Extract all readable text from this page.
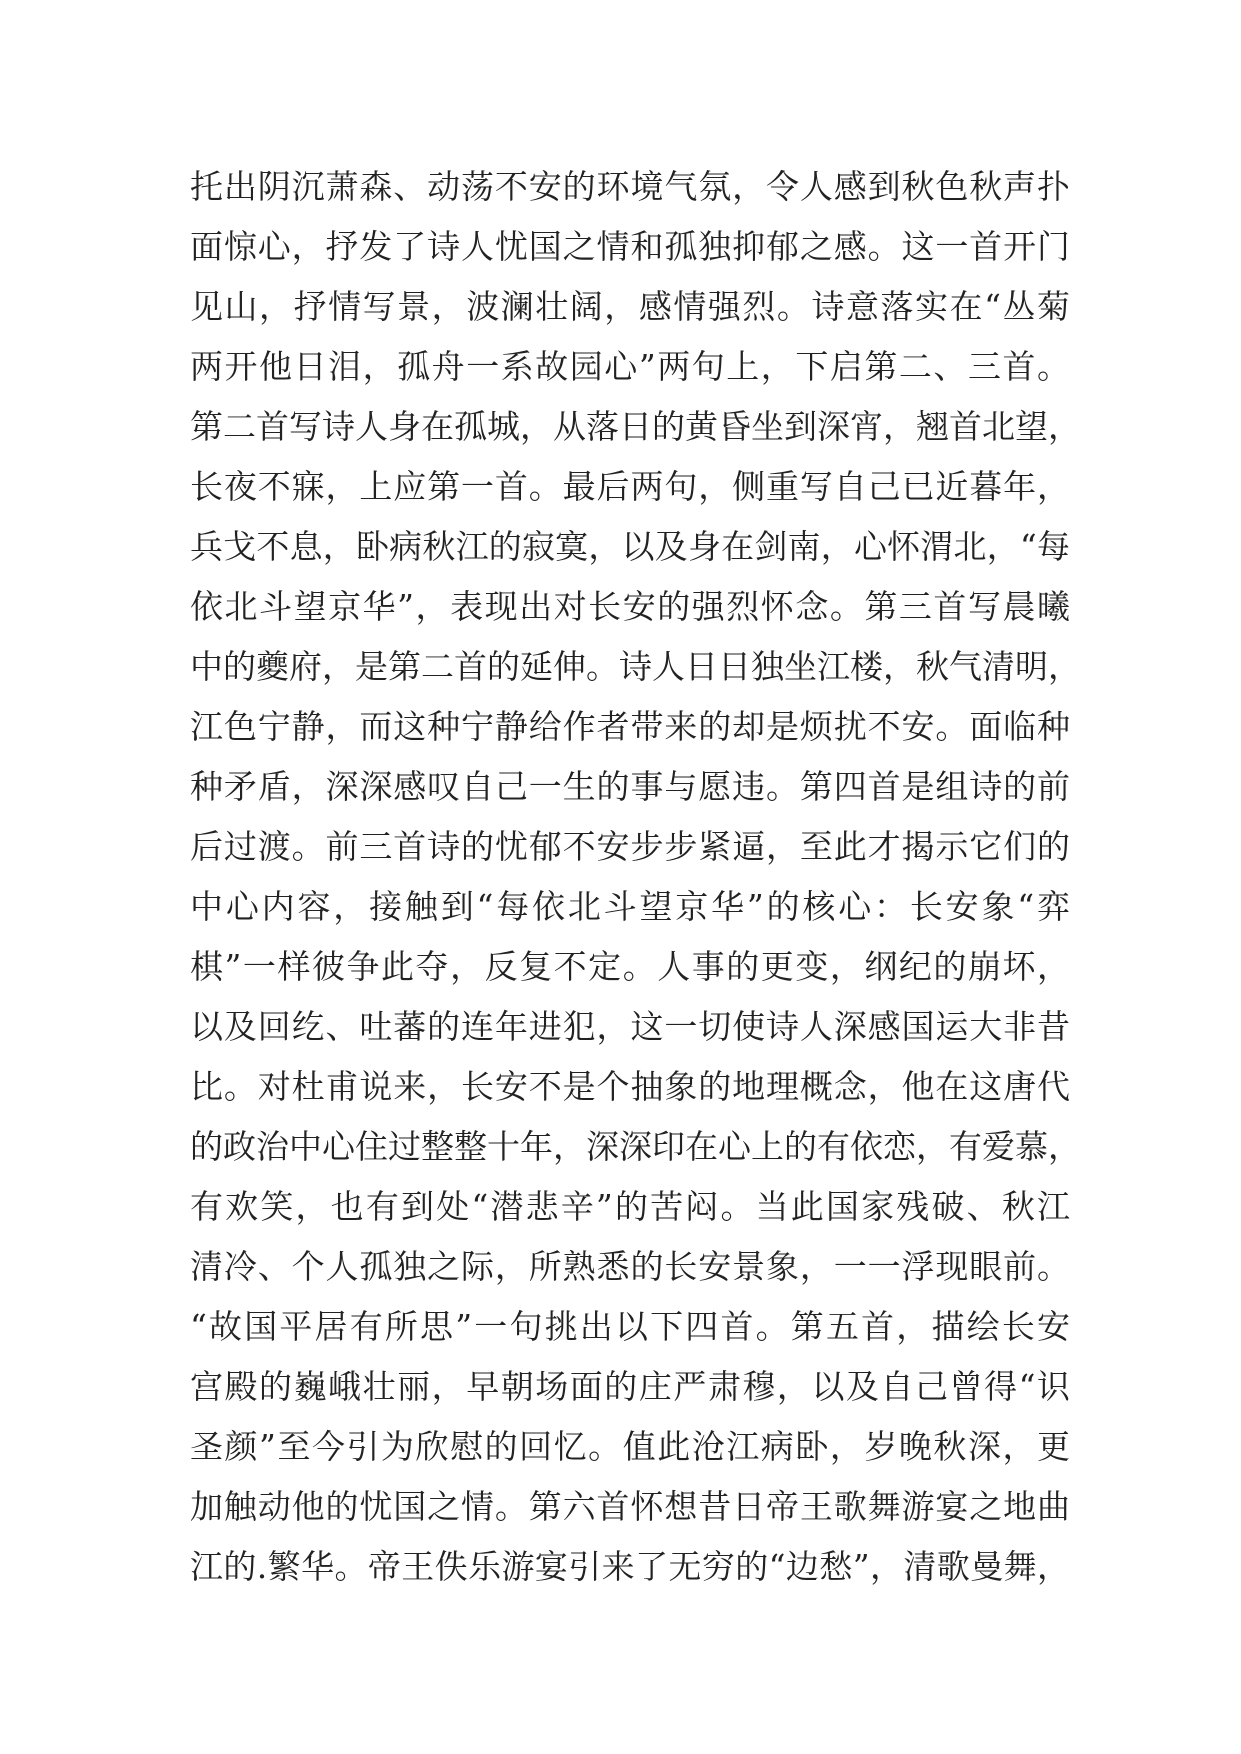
托出阴沉萧森、动荡不安的环境气氛，令人感到秋色秋声扑
面惊心，抒发了诗人忧国之情和孤独抑郁之感。这一首开门
见山，抒情写景，波澜壮阔，感情强烈。诗意落实在“丛菊
两开他日泪，孤舟一系故园心”两句上，下启第二、三首。
第二首写诗人身在孤城，从落日的黄昏坐到深宵，翘首北望，
长夜不寐，上应第一首。最后两句，侧重写自己已近暮年，
兵戈不息，卧病秋江的寂寞，以及身在剑南，心怀渭北，“每
依北斗望京华”，表现出对长安的强烈怀念。第三首写晨曦
中的夔府，是第二首的延伸。诗人日日独坐江楼，秋气清明，
江色宁静，而这种宁静给作者带来的却是烦扰不安。面临种
种矛盾，深深感叹自己一生的事与愿违。第四首是组诗的前
后过渡。前三首诗的忧郁不安步步紧逼，至此才揭示它们的
中心内容，接触到“每依北斗望京华”的核心：长安象“弈
棋”一样彼争此夺，反复不定。人事的更变，纲纪的崩坏，
以及回纥、吐蕃的连年进犯，这一切使诗人深感国运大非昔
比。对杜甫说来，长安不是个抽象的地理概念，他在这唐代
的政治中心住过整整十年，深深印在心上的有依恋，有爱慕，
有欢笑，也有到处“潜悲辛”的苦闷。当此国家残破、秋江
清冷、个人孤独之际，所熟悉的长安景象，一一浮现眼前。
“故国平居有所思”一句挑出以下四首。第五首，描绘长安
宫殿的巍峨壮丽，早朝场面的庄严肃穆，以及自己曾得“识
圣颜”至今引为欣慰的回忆。值此沧江病卧，岁晚秋深，更
加触动他的忧国之情。第六首怀想昔日帝王歌舞游宴之地曲
江的.繁华。帝王佚乐游宴引来了无穷的“边愁”，清歌曼舞，
